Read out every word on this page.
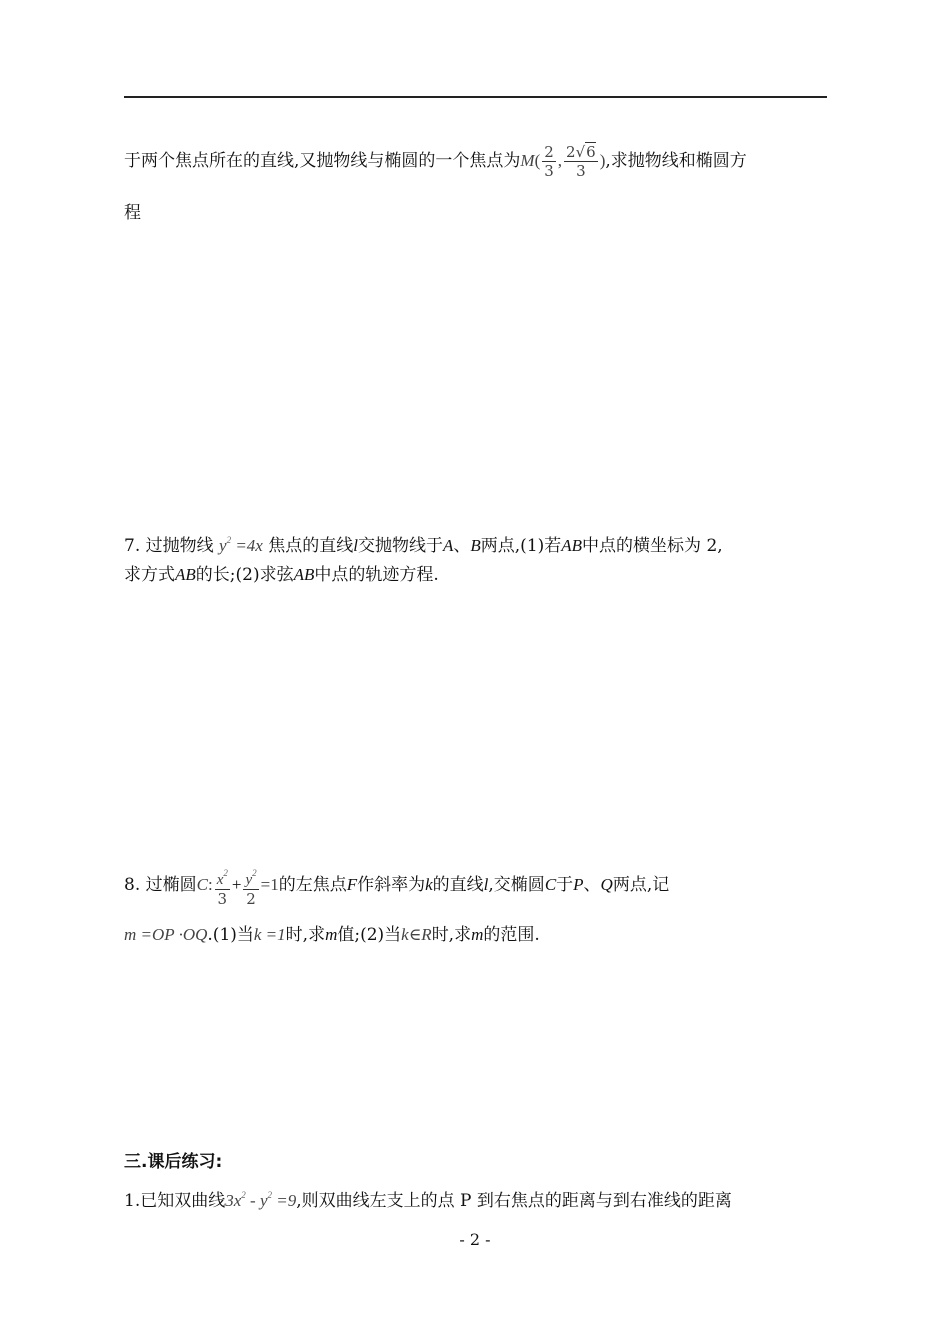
于两个焦点所在的直线,又抛物线与椭圆的一个焦点为$M( \frac{2}{3}$ , $\frac{2√6}{3}$ ),求抛物线和椭圆方
程
7. 过抛物线 $y^2 =4x$ 焦点的直线l交抛物线于A、B两点,(1)若AB中点的横坐标为 2,
求方式AB的长;(2)求弦AB中点的轨迹方程.
8. 过椭圆C: $\frac{x^2}{3} + \frac{y^2}{2} =1$的左焦点F作斜率为k的直线l,交椭圆C于P、Q两点,记
m =OP ·OQ.(1)当k =1时,求m值;(2)当k∈R时,求m的范围.
三.课后练习:
1.已知双曲线$3x^2 - y^2 =9$,则双曲线左支上的点 P 到右焦点的距离与到右准线的距离
- 2 -
